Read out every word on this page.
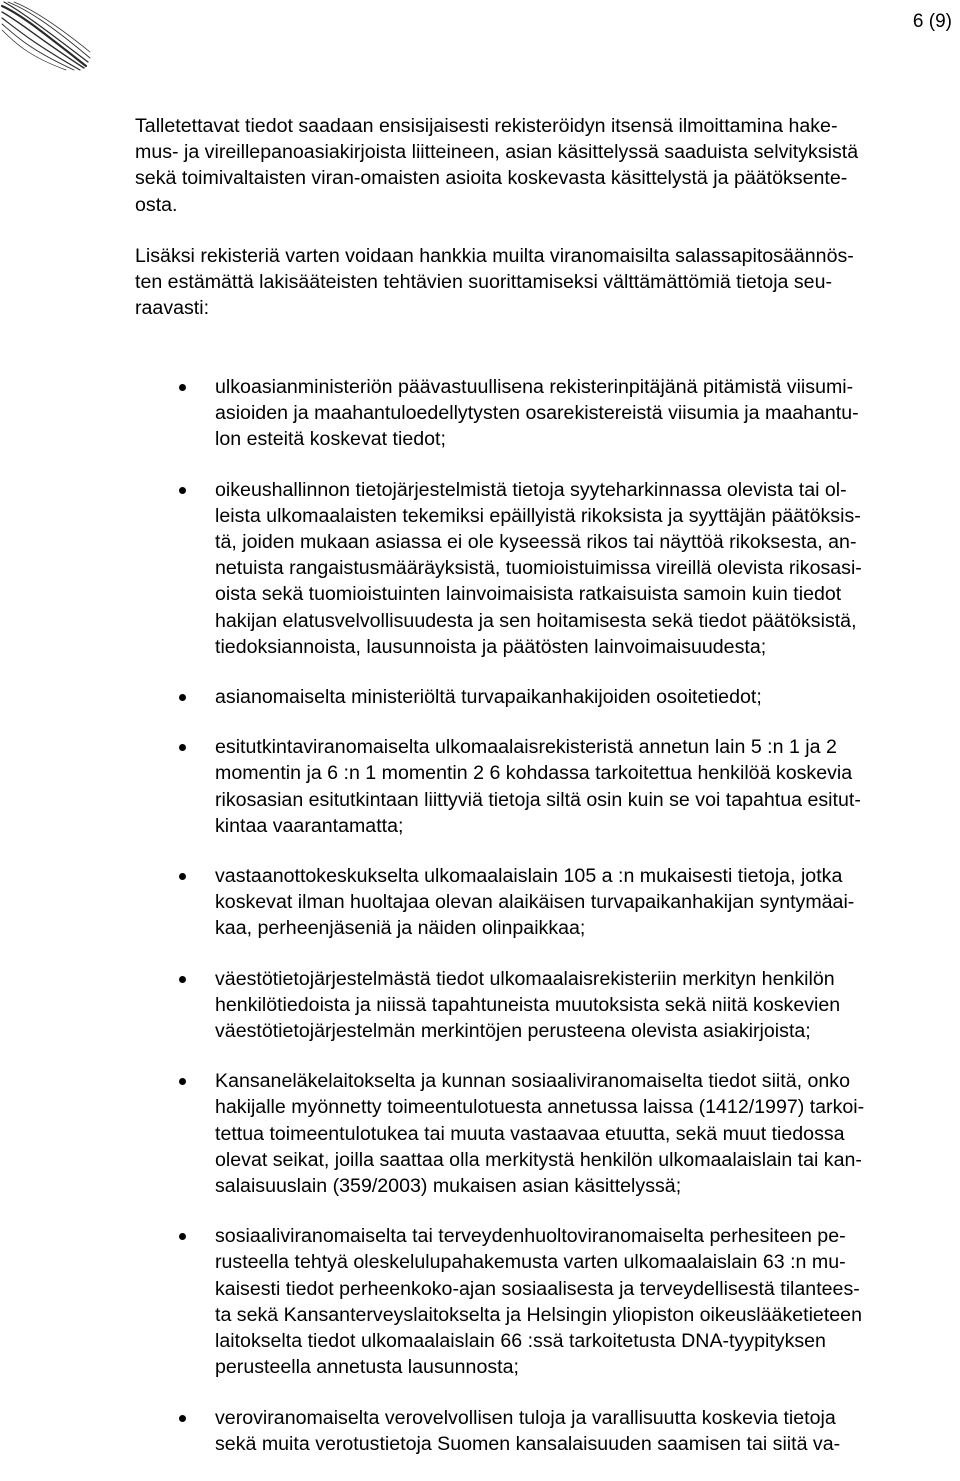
6 (9)

Talletettavat tiedot saadaan ensisijaisesti rekisteröidyn itsensä ilmoittamina hake-
mus- ja vireillepanoasiakirjoista liitteineen, asian käsittelyssä saaduista selvityksistä
sekä toimivaltaisten viran-omaisten asioita koskevasta käsittelystä ja päätöksente-
osta.

Lisäksi rekisteriä varten voidaan hankkia muilta viranomaisilta salassapitosäännös-
ten estämättä lakisääteisten tehtävien suorittamiseksi välttämättömiä tietoja seu-
raavasti:

ulkoasianministeriön päävastuullisena rekisterinpitäjänä pitämistä viisumi-
asioiden ja maahantuloedellytysten osarekistereistä viisumia ja maahantu-
lon esteitä koskevat tiedot;
oikeushallinnon tietojärjestelmistä tietoja syyteharkinnassa olevista tai ol-
leista ulkomaalaisten tekemiksi epäillyistä rikoksista ja syyttäjän päätöksis-
tä, joiden mukaan asiassa ei ole kyseessä rikos tai näyttöä rikoksesta, an-
netuista rangaistusmääräyksistä, tuomioistuimissa vireillä olevista rikosasi-
oista sekä tuomioistuinten lainvoimaisista ratkaisuista samoin kuin tiedot
hakijan elatusvelvollisuudesta ja sen hoitamisesta sekä tiedot päätöksistä,
tiedoksiannoista, lausunnoista ja päätösten lainvoimaisuudesta;
asianomaiselta ministeriöltä turvapaikanhakijoiden osoitetiedot;
esitutkintaviranomaiselta ulkomaalaisrekisteristä annetun lain 5 :n 1 ja 2
momentin ja 6 :n 1 momentin 2 6 kohdassa tarkoitettua henkilöä koskevia
rikosasian esitutkintaan liittyviä tietoja siltä osin kuin se voi tapahtua esitut-
kintaa vaarantamatta;
vastaanottokeskukselta ulkomaalaislain 105 a :n mukaisesti tietoja, jotka
koskevat ilman huoltajaa olevan alaikäisen turvapaikanhakijan syntymäai-
kaa, perheenjäseniä ja näiden olinpaikkaa;
väestötietojärjestelmästä tiedot ulkomaalaisrekisteriin merkityn henkilön
henkilötiedoista ja niissä tapahtuneista muutoksista sekä niitä koskevien
väestötietojärjestelmän merkintöjen perusteena olevista asiakirjoista;
Kansaneläkelaitokselta ja kunnan sosiaaliviranomaiselta tiedot siitä, onko
hakijalle myönnetty toimeentulotuesta annetussa laissa (1412/1997) tarkoi-
tettua toimeentulotukea tai muuta vastaavaa etuutta, sekä muut tiedossa
olevat seikat, joilla saattaa olla merkitystä henkilön ulkomaalaislain tai kan-
salaisuuslain (359/2003) mukaisen asian käsittelyssä;
sosiaaliviranomaiselta tai terveydenhuoltoviranomaiselta perhesiteen pe-
rusteella tehtyä oleskelulupahakemusta varten ulkomaalaislain 63 :n mu-
kaisesti tiedot perheenkoko-ajan sosiaalisesta ja terveydellisestä tilantees-
ta sekä Kansanterveyslaitokselta ja Helsingin yliopiston oikeuslääketieteen
laitokselta tiedot ulkomaalaislain 66 :ssä tarkoitetusta DNA-tyypityksen
perusteella annetusta lausunnosta;
veroviranomaiselta verovelvollisen tuloja ja varallisuutta koskevia tietoja
sekä muita verotustietoja Suomen kansalaisuuden saamisen tai siitä va-
